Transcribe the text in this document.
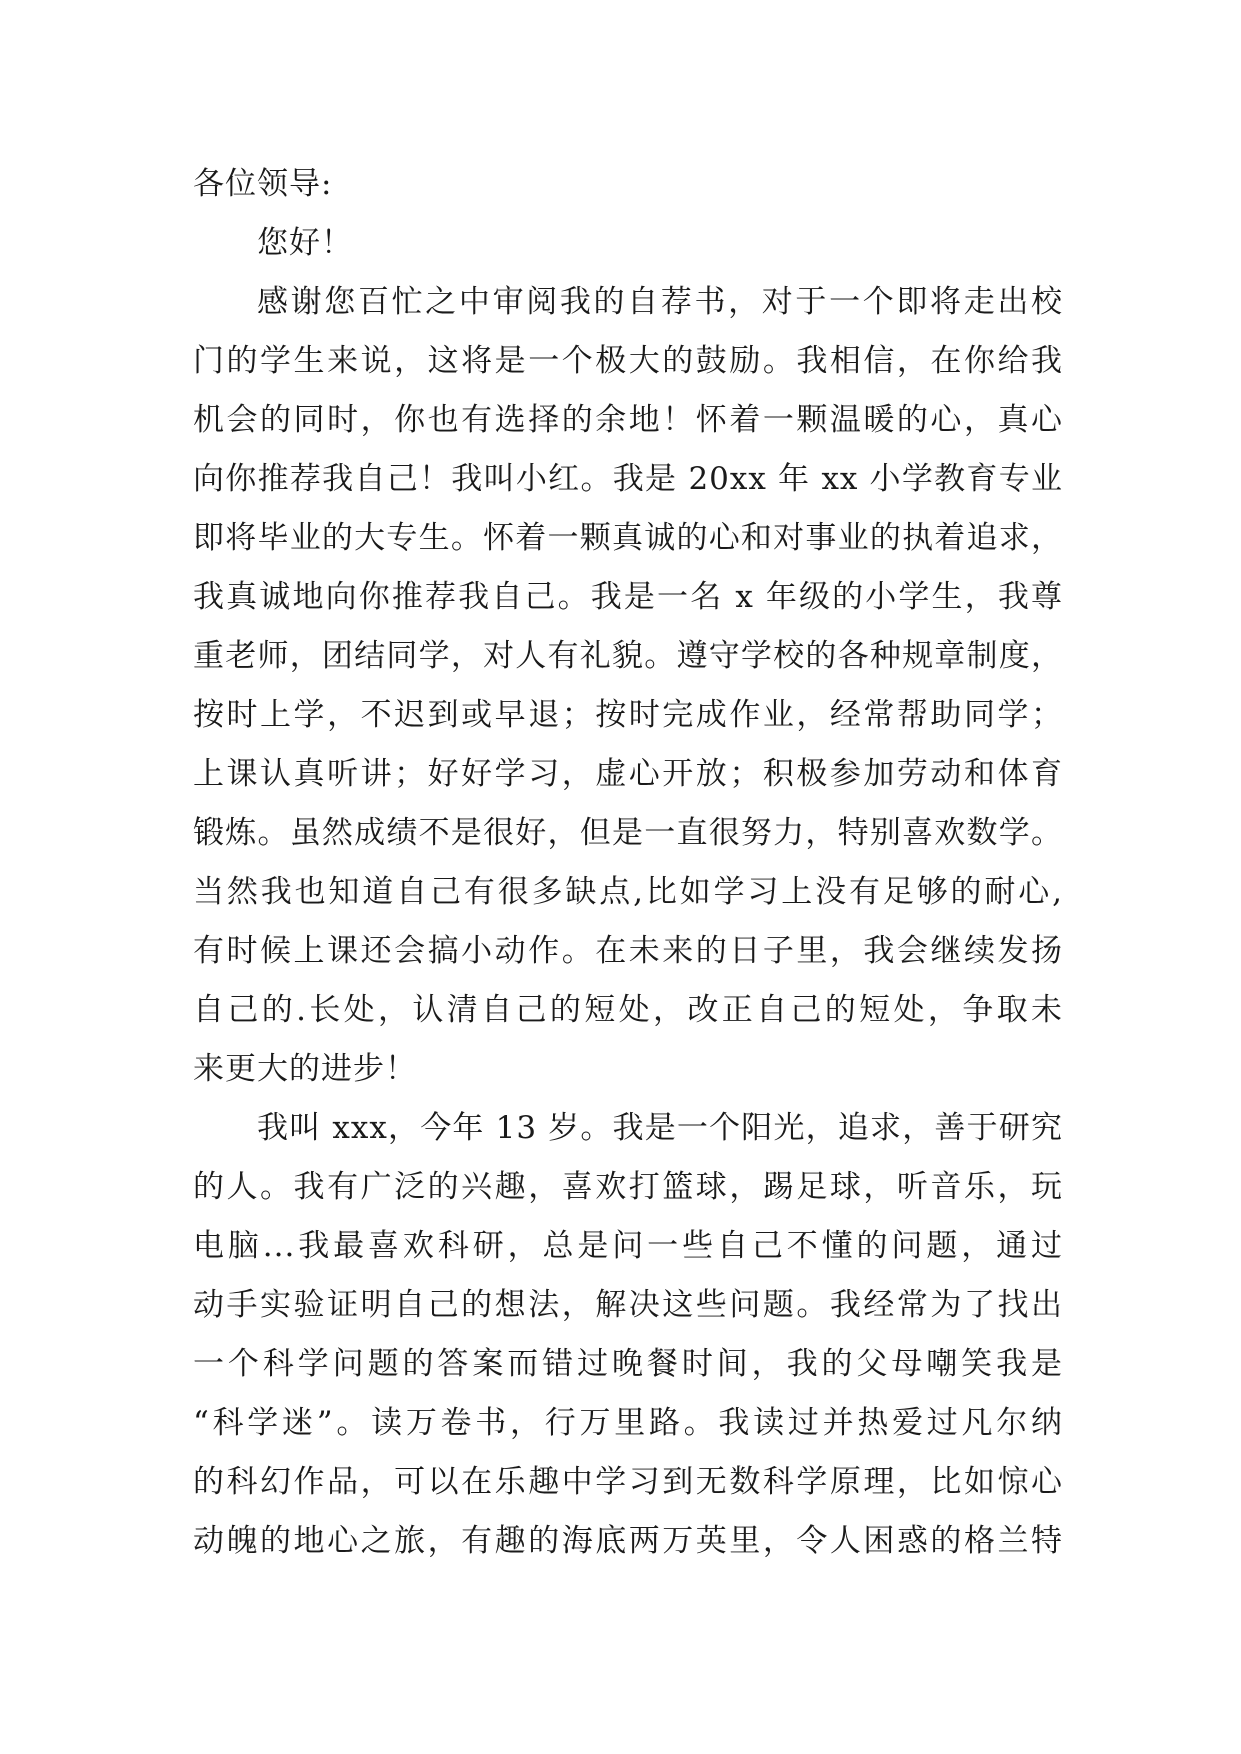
各位领导:
您好！
感谢您百忙之中审阅我的自荐书，对于一个即将走出校
门的学生来说，这将是一个极大的鼓励。我相信，在你给我
机会的同时，你也有选择的余地！怀着一颗温暖的心，真心
向你推荐我自己！我叫小红。我是 20xx 年 xx 小学教育专业
即将毕业的大专生。怀着一颗真诚的心和对事业的执着追求，
我真诚地向你推荐我自己。我是一名 x 年级的小学生，我尊
重老师，团结同学，对人有礼貌。遵守学校的各种规章制度，
按时上学，不迟到或早退；按时完成作业，经常帮助同学；
上课认真听讲；好好学习，虚心开放；积极参加劳动和体育
锻炼。虽然成绩不是很好，但是一直很努力，特别喜欢数学。
当然我也知道自己有很多缺点,比如学习上没有足够的耐心,
有时候上课还会搞小动作。在未来的日子里，我会继续发扬
自己的.长处，认清自己的短处，改正自己的短处，争取未
来更大的进步！
我叫 xxx，今年 13 岁。我是一个阳光，追求，善于研究
的人。我有广泛的兴趣，喜欢打篮球，踢足球，听音乐，玩
电脑...我最喜欢科研，总是问一些自己不懂的问题，通过
动手实验证明自己的想法，解决这些问题。我经常为了找出
一个科学问题的答案而错过晚餐时间，我的父母嘲笑我是
“科学迷”。读万卷书，行万里路。我读过并热爱过凡尔纳
的科幻作品，可以在乐趣中学习到无数科学原理，比如惊心
动魄的地心之旅，有趣的海底两万英里，令人困惑的格兰特
